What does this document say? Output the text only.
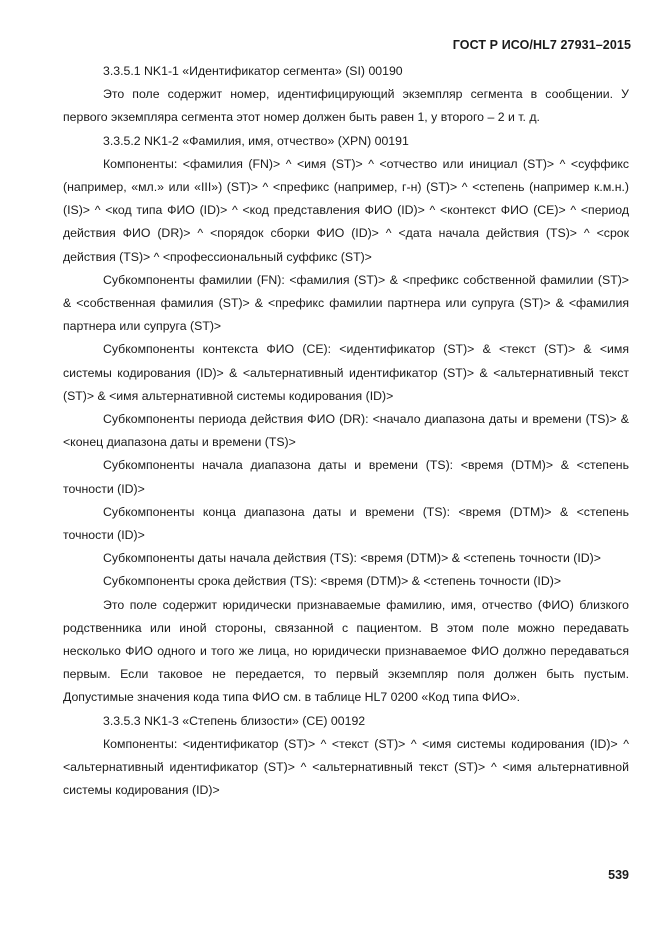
ГОСТ Р ИСО/HL7 27931–2015

3.3.5.1 NK1-1 «Идентификатор сегмента» (SI) 00190

Это поле содержит номер, идентифицирующий экземпляр сегмента в сообщении. У первого экземпляра сегмента этот номер должен быть равен 1, у второго – 2 и т. д.

3.3.5.2 NK1-2 «Фамилия, имя, отчество» (XPN) 00191

Компоненты: <фамилия (FN)> ^ <имя (ST)> ^ <отчество или инициал (ST)> ^ <суффикс (например, «мл.» или «III») (ST)> ^ <префикс (например, г-н) (ST)> ^ <степень (например к.м.н.) (IS)> ^ <код типа ФИО (ID)> ^ <код представления ФИО (ID)> ^ <контекст ФИО (CE)> ^ <период действия ФИО (DR)> ^ <порядок сборки ФИО (ID)> ^ <дата начала действия (TS)> ^ <срок действия (TS)> ^ <профессиональный суффикс (ST)>

Субкомпоненты фамилии (FN): <фамилия (ST)> & <префикс собственной фамилии (ST)> & <собственная фамилия (ST)> & <префикс фамилии партнера или супруга (ST)> & <фамилия партнера или супруга (ST)>

Субкомпоненты контекста ФИО (CE): <идентификатор (ST)> & <текст (ST)> & <имя системы кодирования (ID)> & <альтернативный идентификатор (ST)> & <альтернативный текст (ST)> & <имя альтернативной системы кодирования (ID)>

Субкомпоненты периода действия ФИО (DR): <начало диапазона даты и времени (TS)> & <конец диапазона даты и времени (TS)>

Субкомпоненты начала диапазона даты и времени (TS): <время (DTM)> & <степень точности (ID)>

Субкомпоненты конца диапазона даты и времени (TS): <время (DTM)> & <степень точности (ID)>

Субкомпоненты даты начала действия (TS): <время (DTM)> & <степень точности (ID)>

Субкомпоненты срока действия (TS): <время (DTM)> & <степень точности (ID)>

Это поле содержит юридически признаваемые фамилию, имя, отчество (ФИО) близкого родственника или иной стороны, связанной с пациентом. В этом поле можно передавать несколько ФИО одного и того же лица, но юридически признаваемое ФИО должно передаваться первым. Если таковое не передается, то первый экземпляр поля должен быть пустым. Допустимые значения кода типа ФИО см. в таблице HL7 0200 «Код типа ФИО».

3.3.5.3 NK1-3 «Степень близости» (CE) 00192

Компоненты: <идентификатор (ST)> ^ <текст (ST)> ^ <имя системы кодирования (ID)> ^ <альтернативный идентификатор (ST)> ^ <альтернативный текст (ST)> ^ <имя альтернативной системы кодирования (ID)>

539
